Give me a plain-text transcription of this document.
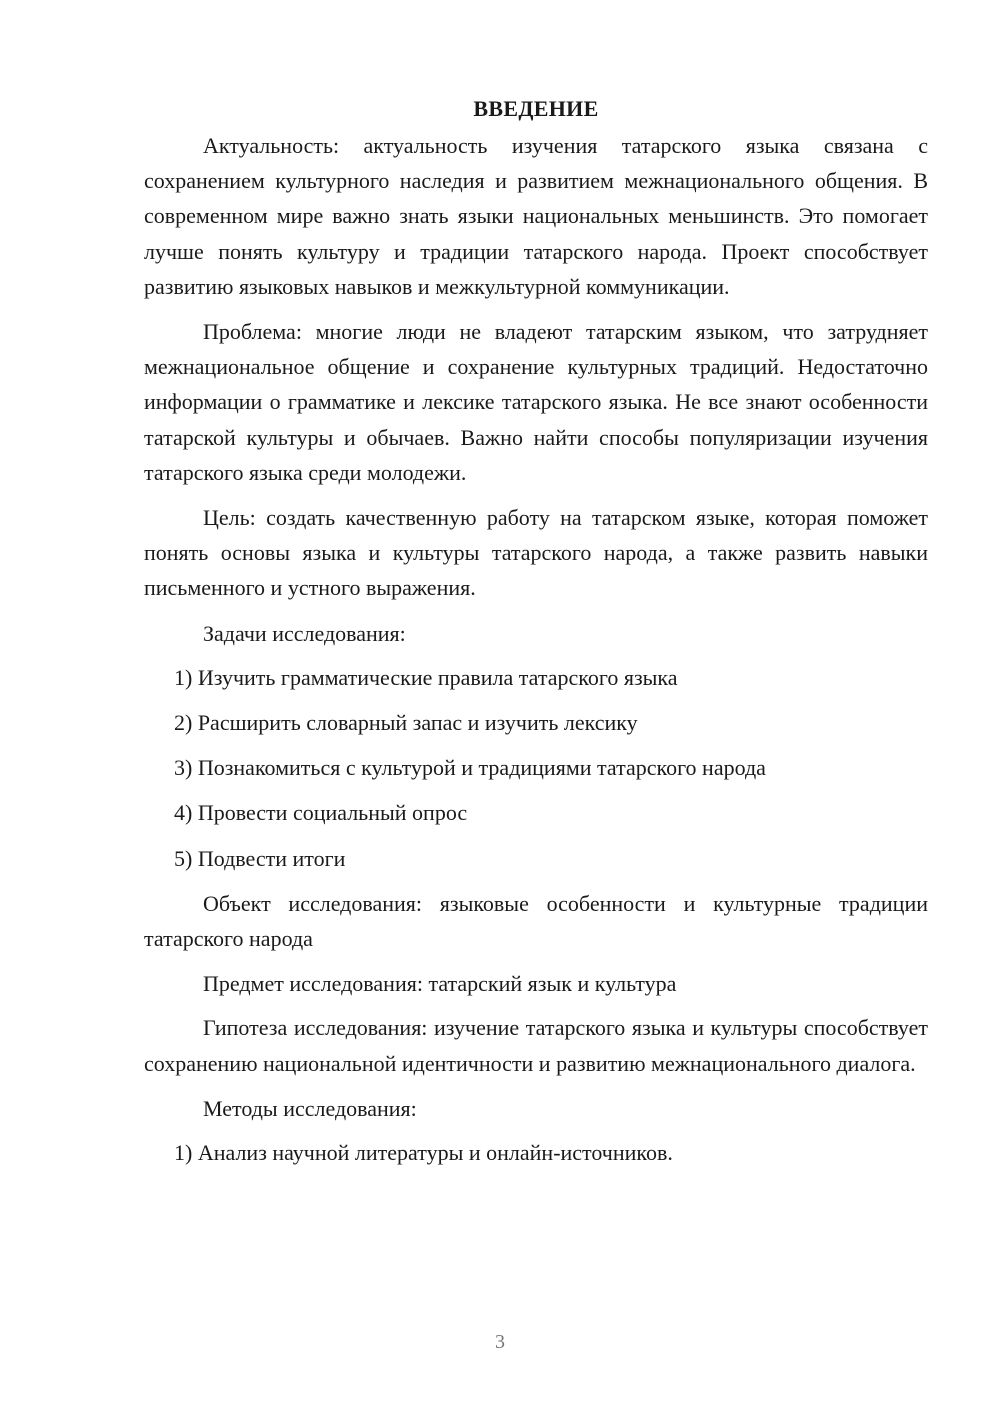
ВВЕДЕНИЕ

Актуальность: актуальность изучения татарского языка связана с сохранением культурного наследия и развитием межнационального общения. В современном мире важно знать языки национальных меньшинств. Это помогает лучше понять культуру и традиции татарского народа. Проект способствует развитию языковых навыков и межкультурной коммуникации.

Проблема: многие люди не владеют татарским языком, что затрудняет межнациональное общение и сохранение культурных традиций. Недостаточно информации о грамматике и лексике татарского языка. Не все знают особенности татарской культуры и обычаев. Важно найти способы популяризации изучения татарского языка среди молодежи.

Цель: создать качественную работу на татарском языке, которая поможет понять основы языка и культуры татарского народа, а также развить навыки письменного и устного выражения.

Задачи исследования:

1) Изучить грамматические правила татарского языка
2) Расширить словарный запас и изучить лексику
3) Познакомиться с культурой и традициями татарского народа
4) Провести социальный опрос
5) Подвести итоги

Объект исследования: языковые особенности и культурные традиции татарского народа

Предмет исследования: татарский язык и культура

Гипотеза исследования: изучение татарского языка и культуры способствует сохранению национальной идентичности и развитию межнационального диалога.

Методы исследования:

1) Анализ научной литературы и онлайн-источников.
3
